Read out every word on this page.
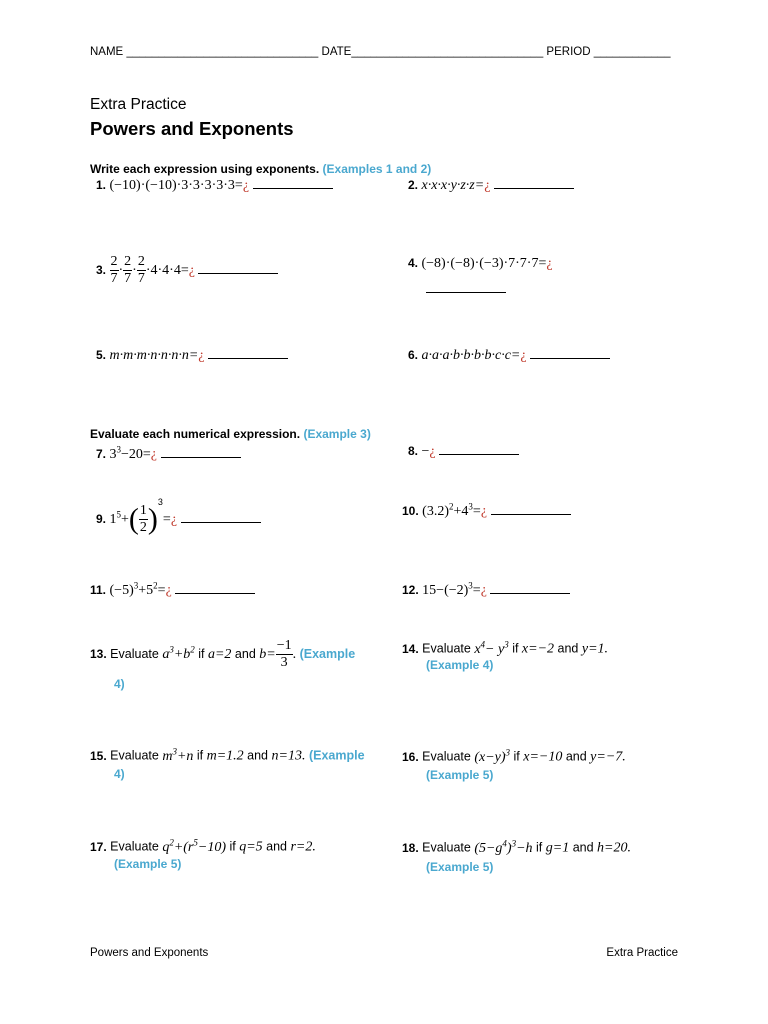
NAME ______________________________ DATE______________________________ PERIOD ____________
Extra Practice
Powers and Exponents
Write each expression using exponents. (Examples 1 and 2)
1. (−10)·(−10)·3·3·3·3·3=¿	2. x·x·x·y·z·z=¿
3. $\frac{2}{7} \cdot \frac{2}{7} \cdot \frac{2}{7}$ ·4·4·4=¿	4. (−8)·(−8)·(−3)·7·7·7=¿
5. m·m·m·n·n·n·n=¿	6. a·a·a·b·b·b·b·c·c=¿
Evaluate each numerical expression. (Example 3)
7. $3^3-20=¿$	8. −¿
9. $1^5+( \frac{1}{2}$ )$^3=¿$
10. $(3.2)^2+4^3=¿$
11. $(-5)^3+5^2=¿$	12. $15-(-2)^3=¿$
13. Evaluate $a^3+b^2$ if a=2 and $b= \frac{-1}{3}$ . (Example
4)
14. Evaluate $x^4- y^3$ if x=−2 and y=1.
(Example 4)
15. Evaluate $m^3+n$ if m=1.2 and n=13. (Example
4)
16. Evaluate $(x-y)^3$ if x=−10 and y=−7.
(Example 5)
17. Evaluate $q^2+(r^5-10)$ if q=5 and r=2.
(Example 5)
18. Evaluate $(5-g^4)^3-h$ if g=1 and h=20.
(Example 5)
Powers and Exponents	Extra Practice
